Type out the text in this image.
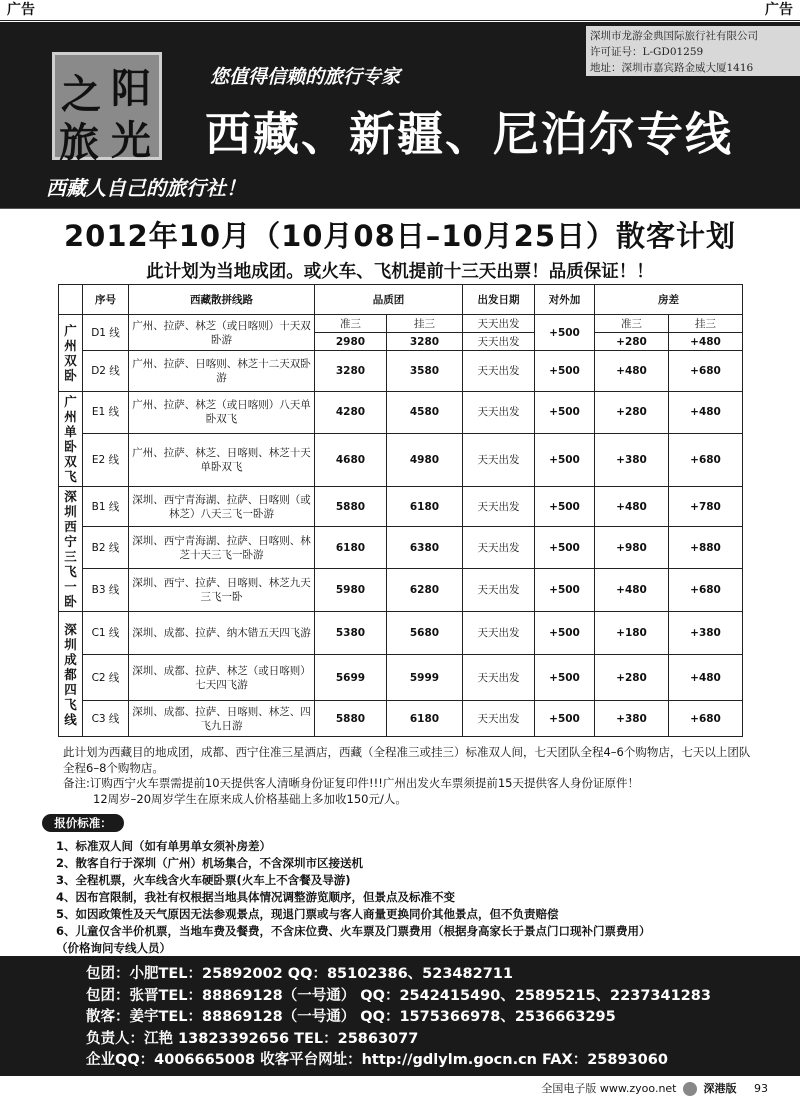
广告	广告
深圳市龙游金典国际旅行社有限公司
许可证号：L-GD01259
地址：深圳市嘉宾路金威大厦1416
之 阳
旅 光
您值得信赖的旅行专家
西藏、新疆、尼泊尔专线
西藏人自己的旅行社！
2012年10月（10月08日–10月25日）散客计划
此计划为当地成团。或火车、飞机提前十三天出票！品质保证！！
	序号	西藏散拼线路	品质团		出发日期	对外加	房差	
广州双卧	D1 线	广州、拉萨、林芝（或日喀则）十天双卧游	准三	挂三	天天出发	+500	准三	挂三
			2980	3280	天天出发		+280	+480
	D2 线	广州、拉萨、日喀则、林芝十二天双卧游	3280	3580	天天出发	+500	+480	+680
广州单卧双飞	E1 线	广州、拉萨、林芝（或日喀则）八天单卧双飞	4280	4580	天天出发	+500	+280	+480
	E2 线	广州、拉萨、林芝、日喀则、林芝十天 单卧双飞	4680	4980	天天出发	+500	+380	+680
深圳西宁三飞一卧	B1 线	深圳、西宁青海湖、拉萨、日喀则（或林芝）八天三飞一卧游	5880	6180	天天出发	+500	+480	+780
	B2 线	深圳、西宁青海湖、拉萨、日喀则、林芝十天三飞一卧游	6180	6380	天天出发	+500	+980	+880
	B3 线	深圳、西宁、拉萨、日喀则、林芝九天三飞一卧	5980	6280	天天出发	+500	+480	+680
深圳成都四飞线	C1 线	深圳、成都、拉萨、纳木错五天四飞游	5380	5680	天天出发	+500	+180	+380
	C2 线	深圳、成都、拉萨、林芝（或日喀则）七天四飞游	5699	5999	天天出发	+500	+280	+480
	C3 线	深圳、成都、拉萨、日喀则、林芝、四飞九日游	5880	6180	天天出发	+500	+380	+680
此计划为西藏目的地成团，成都、西宁住准三星酒店，西藏（全程准三或挂三）标准双人间，七天团队全程4–6个购物店，七天以上团队全程6–8个购物店。
备注:订购西宁火车票需提前10天提供客人清晰身份证复印件!!!广州出发火车票须提前15天提供客人身份证原件！
12周岁–20周岁学生在原来成人价格基础上多加收150元/人。
报价标准：
1、标准双人间（如有单男单女须补房差）
2、散客自行于深圳（广州）机场集合，不含深圳市区接送机
3、全程机票，火车线含火车硬卧票(火车上不含餐及导游)
4、因布宫限制，我社有权根据当地具体情况调整游览顺序，但景点及标准不变
5、如因政策性及天气原因无法参观景点，现退门票或与客人商量更换同价其他景点，但不负责赔偿
6、儿童仅含半价机票，当地车费及餐费，不含床位费、火车票及门票费用（根据身高家长于景点门口现补门票费用）
（价格询问专线人员）
包团：小肥TEL：25892002 QQ：85102386、523482711
包团：张晋TEL：88869128（一号通） QQ：2542415490、25895215、2237341283
散客：姜宇TEL：88869128（一号通） QQ：1575366978、2536663295
负责人：江艳 13823392656 TEL：25863077
企业QQ：4006665008 收客平台网址：http://gdlylm.gocn.cn FAX：25893060
全国电子版 www.zyoo.net 深港版 93
